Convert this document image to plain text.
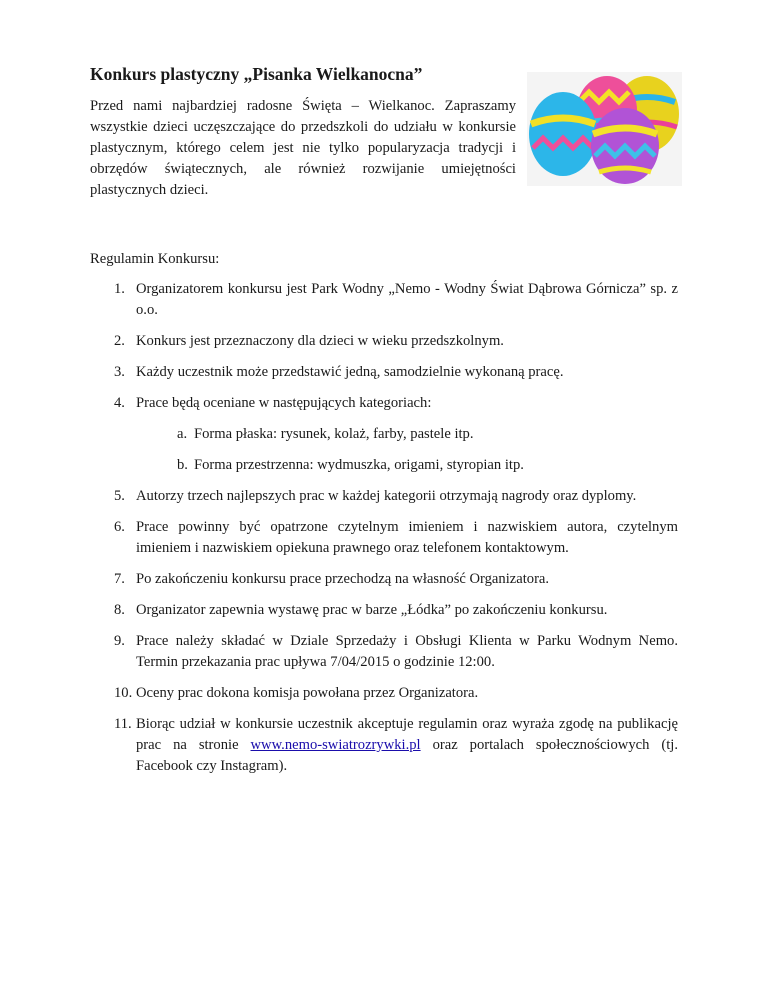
Konkurs plastyczny „Pisanka Wielkanocna”

Przed nami najbardziej radosne Święta – Wielkanoc. Zapraszamy wszystkie dzieci uczęszczające do przedszkoli do udziału w konkursie plastycznym, którego celem jest nie tylko popularyzacja tradycji i obrzędów świątecznych, ale również rozwijanie umiejętności plastycznych dzieci.

Regulamin Konkursu:

1. Organizatorem konkursu jest Park Wodny „Nemo - Wodny Świat Dąbrowa Górnicza” sp. z o.o.
2. Konkurs jest przeznaczony dla dzieci w wieku przedszkolnym.
3. Każdy uczestnik może przedstawić jedną, samodzielnie wykonaną pracę.
4. Prace będą oceniane w następujących kategoriach:
a. Forma płaska: rysunek, kolaż, farby, pastele itp.
b. Forma przestrzenna: wydmuszka, origami, styropian itp.
5. Autorzy trzech najlepszych prac w każdej kategorii otrzymają nagrody oraz dyplomy.
6. Prace powinny być opatrzone czytelnym imieniem i nazwiskiem autora, czytelnym imieniem i nazwiskiem opiekuna prawnego oraz telefonem kontaktowym.
7. Po zakończeniu konkursu prace przechodzą na własność Organizatora.
8. Organizator zapewnia wystawę prac w barze „Łódka” po zakończeniu konkursu.
9. Prace należy składać w Dziale Sprzedaży i Obsługi Klienta w Parku Wodnym Nemo. Termin przekazania prac upływa 7/04/2015 o godzinie 12:00.
10. Oceny prac dokona komisja powołana przez Organizatora.
11. Biorąc udział w konkursie uczestnik akceptuje regulamin oraz wyraża zgodę na publikację prac na stronie www.nemo-swiatrozrywki.pl oraz portalach społecznościowych (tj. Facebook czy Instagram).
